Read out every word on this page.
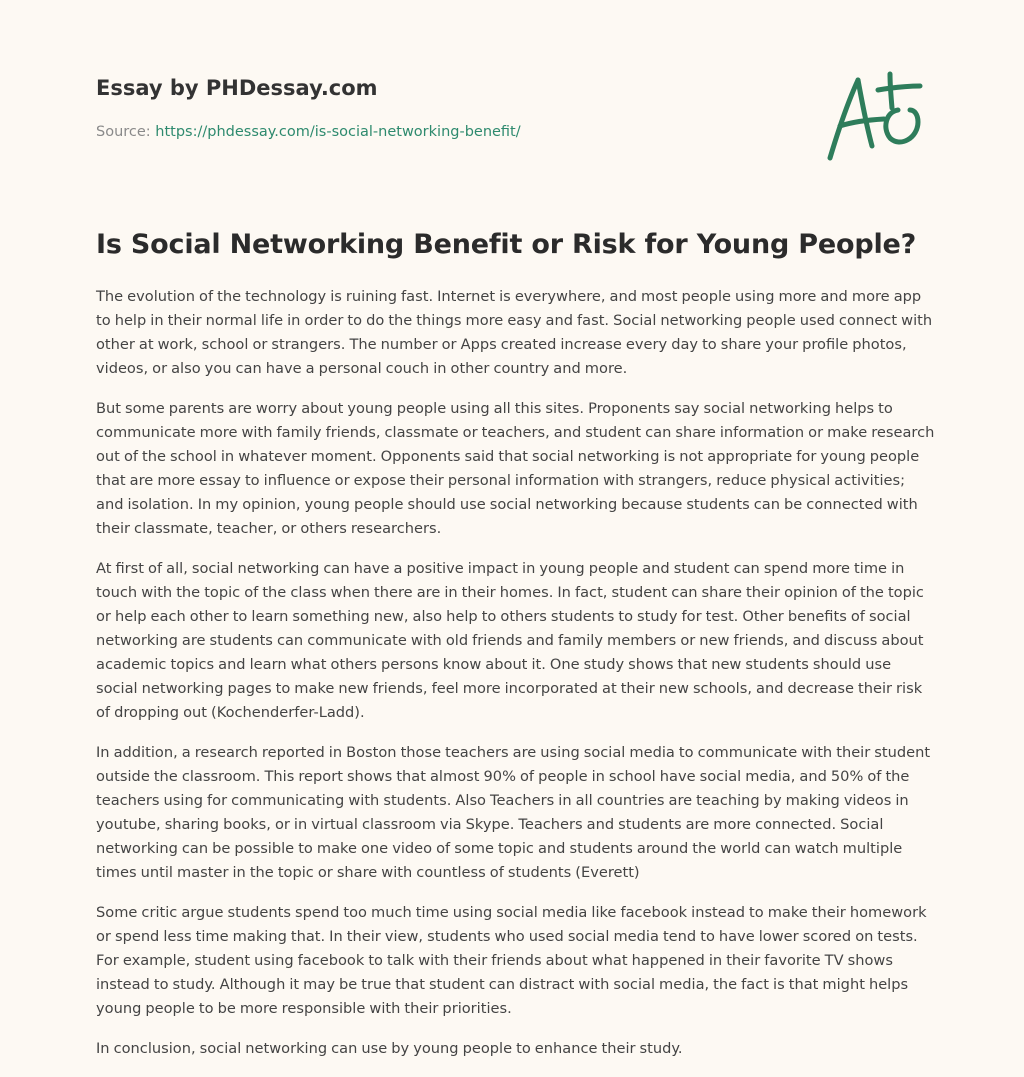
Essay by PHDessay.com
Source: https://phdessay.com/is-social-networking-benefit/
Is Social Networking Benefit or Risk for Young People?

The evolution of the technology is ruining fast. Internet is everywhere, and most people using more and more app to help in their normal life in order to do the things more easy and fast. Social networking people used connect with other at work, school or strangers. The number or Apps created increase every day to share your profile photos, videos, or also you can have a personal couch in other country and more.

But some parents are worry about young people using all this sites. Proponents say social networking helps to communicate more with family friends, classmate or teachers, and student can share information or make research out of the school in whatever moment. Opponents said that social networking is not appropriate for young people that are more essay to influence or expose their personal information with strangers, reduce physical activities; and isolation. In my opinion, young people should use social networking because students can be connected with their classmate, teacher, or others researchers.

At first of all, social networking can have a positive impact in young people and student can spend more time in touch with the topic of the class when there are in their homes. In fact, student can share their opinion of the topic or help each other to learn something new, also help to others students to study for test. Other benefits of social networking are students can communicate with old friends and family members or new friends, and discuss about academic topics and learn what others persons know about it. One study shows that new students should use social networking pages to make new friends, feel more incorporated at their new schools, and decrease their risk of dropping out (Kochenderfer-Ladd).

In addition, a research reported in Boston those teachers are using social media to communicate with their student outside the classroom. This report shows that almost 90% of people in school have social media, and 50% of the teachers using for communicating with students. Also Teachers in all countries are teaching by making videos in youtube, sharing books, or in virtual classroom via Skype. Teachers and students are more connected. Social networking can be possible to make one video of some topic and students around the world can watch multiple times until master in the topic or share with countless of students (Everett)

Some critic argue students spend too much time using social media like facebook instead to make their homework or spend less time making that. In their view, students who used social media tend to have lower scored on tests. For example, student using facebook to talk with their friends about what happened in their favorite TV shows instead to study. Although it may be true that student can distract with social media, the fact is that might helps young people to be more responsible with their priorities.

In conclusion, social networking can use by young people to enhance their study.
